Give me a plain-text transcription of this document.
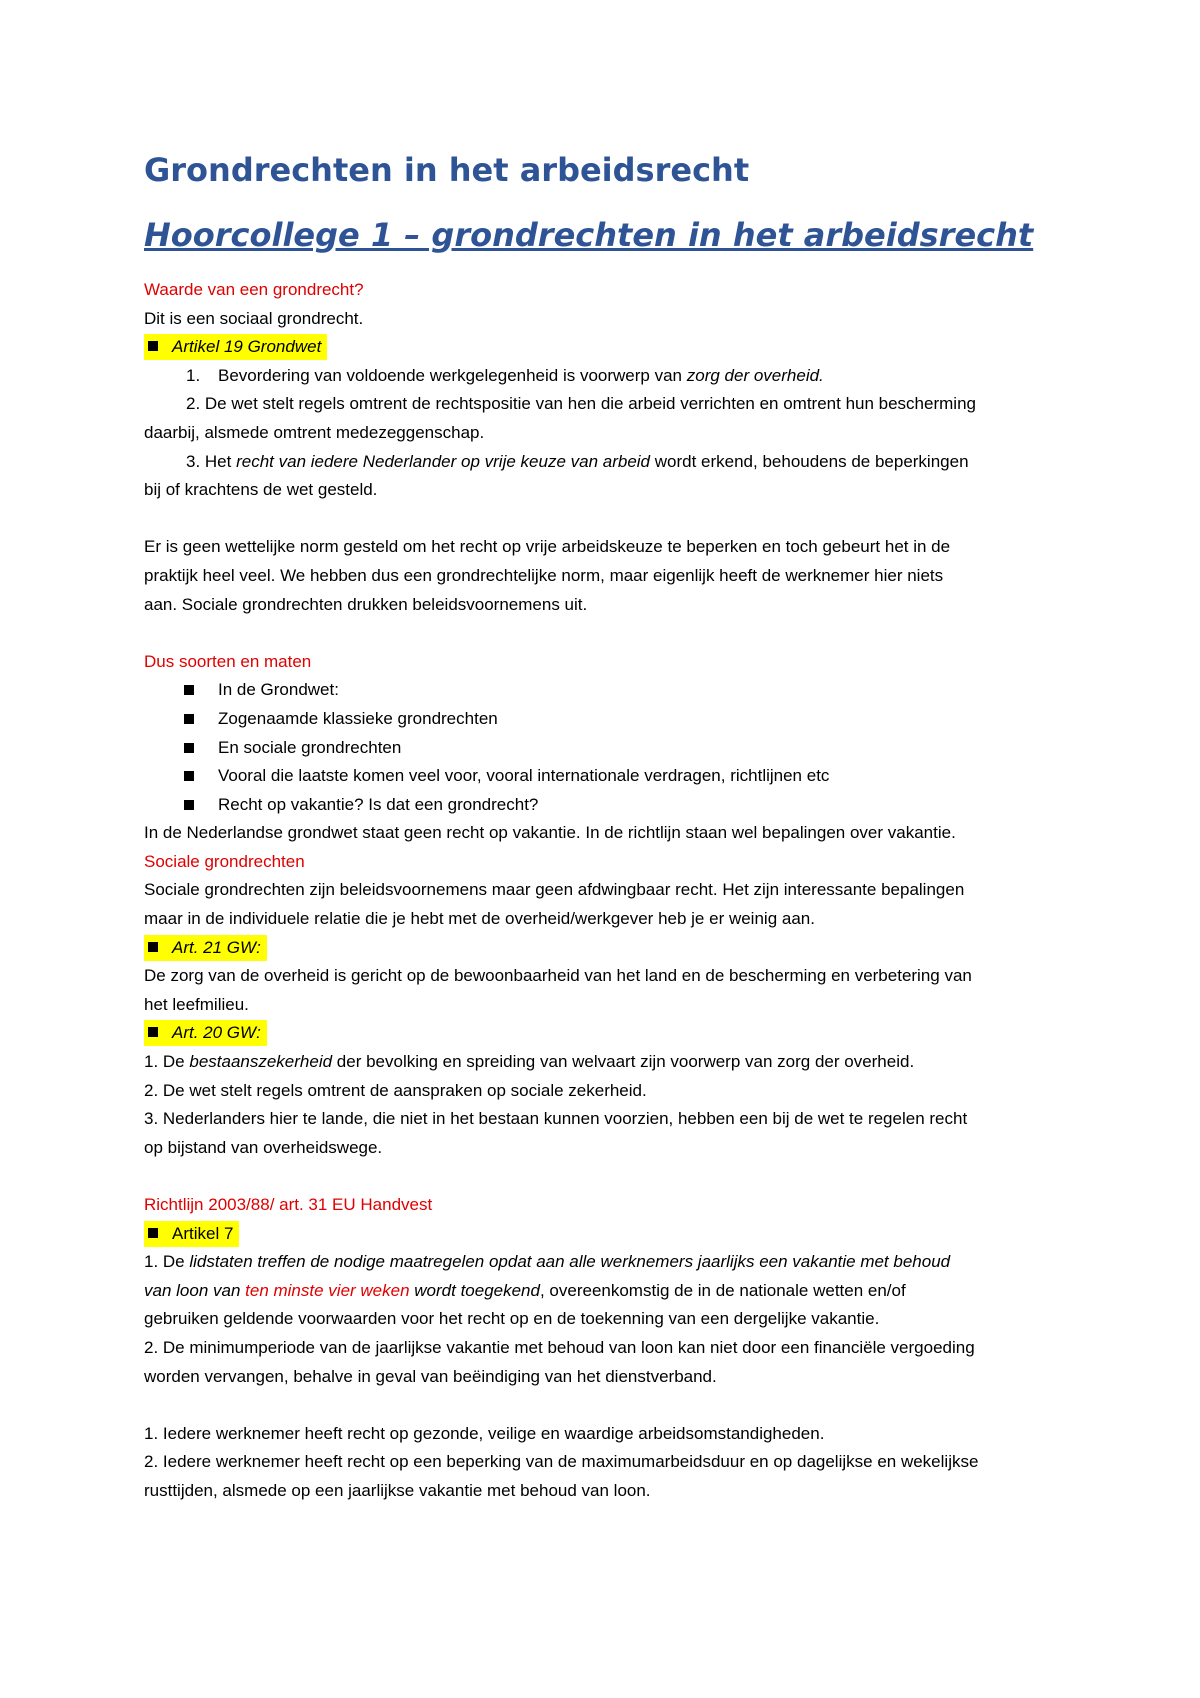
Grondrechten in het arbeidsrecht
Hoorcollege 1 – grondrechten in het arbeidsrecht

Waarde van een grondrecht?

Dit is een sociaal grondrecht.

Artikel 19 Grondwet

1. Bevordering van voldoende werkgelegenheid is voorwerp van zorg der overheid.

2. De wet stelt regels omtrent de rechtspositie van hen die arbeid verrichten en omtrent hun bescherming

daarbij, alsmede omtrent medezeggenschap.

3. Het recht van iedere Nederlander op vrije keuze van arbeid wordt erkend, behoudens de beperkingen

bij of krachtens de wet gesteld.

Er is geen wettelijke norm gesteld om het recht op vrije arbeidskeuze te beperken en toch gebeurt het in de

praktijk heel veel. We hebben dus een grondrechtelijke norm, maar eigenlijk heeft de werknemer hier niets

aan. Sociale grondrechten drukken beleidsvoornemens uit.

Dus soorten en maten

In de Grondwet:

Zogenaamde klassieke grondrechten

En sociale grondrechten

Vooral die laatste komen veel voor, vooral internationale verdragen, richtlijnen etc

Recht op vakantie? Is dat een grondrecht?

In de Nederlandse grondwet staat geen recht op vakantie. In de richtlijn staan wel bepalingen over vakantie.

Sociale grondrechten

Sociale grondrechten zijn beleidsvoornemens maar geen afdwingbaar recht. Het zijn interessante bepalingen

maar in de individuele relatie die je hebt met de overheid/werkgever heb je er weinig aan.

Art. 21 GW:

De zorg van de overheid is gericht op de bewoonbaarheid van het land en de bescherming en verbetering van

het leefmilieu.

Art. 20 GW:

1. De bestaanszekerheid der bevolking en spreiding van welvaart zijn voorwerp van zorg der overheid.

2. De wet stelt regels omtrent de aanspraken op sociale zekerheid.

3. Nederlanders hier te lande, die niet in het bestaan kunnen voorzien, hebben een bij de wet te regelen recht

op bijstand van overheidswege.

Richtlijn 2003/88/ art. 31 EU Handvest

Artikel 7

1. De lidstaten treffen de nodige maatregelen opdat aan alle werknemers jaarlijks een vakantie met behoud

van loon van ten minste vier weken wordt toegekend, overeenkomstig de in de nationale wetten en/of

gebruiken geldende voorwaarden voor het recht op en de toekenning van een dergelijke vakantie.

2. De minimumperiode van de jaarlijkse vakantie met behoud van loon kan niet door een financiële vergoeding

worden vervangen, behalve in geval van beëindiging van het dienstverband.

1. Iedere werknemer heeft recht op gezonde, veilige en waardige arbeidsomstandigheden.

2. Iedere werknemer heeft recht op een beperking van de maximumarbeidsduur en op dagelijkse en wekelijkse

rusttijden, alsmede op een jaarlijkse vakantie met behoud van loon.
